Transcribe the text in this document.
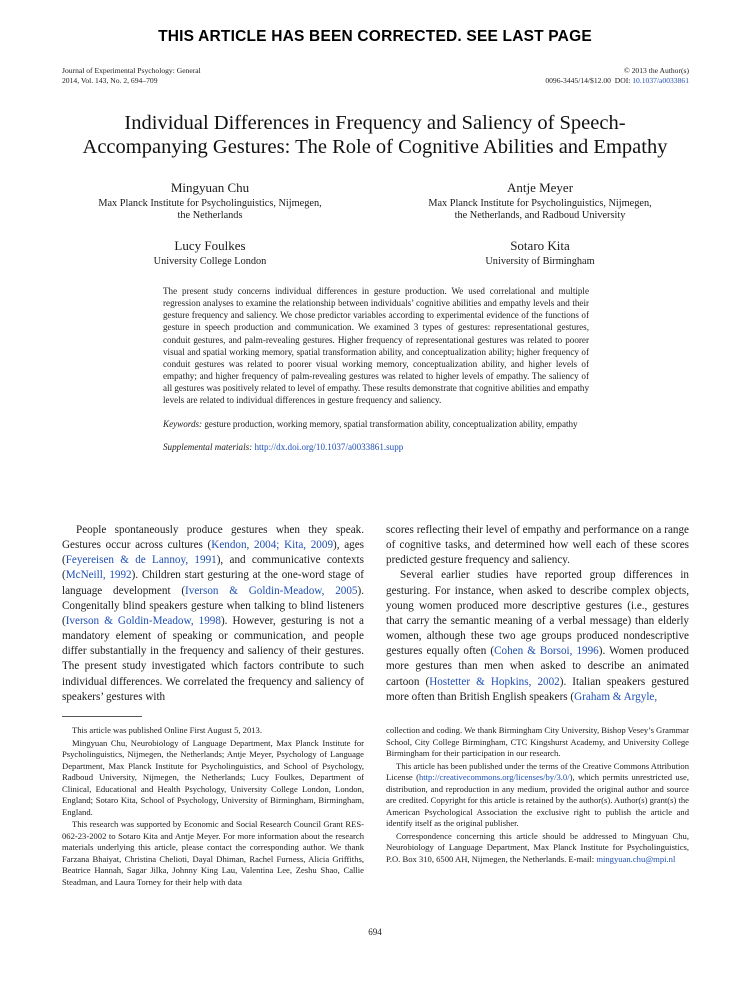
THIS ARTICLE HAS BEEN CORRECTED. SEE LAST PAGE
Journal of Experimental Psychology: General
2014, Vol. 143, No. 2, 694–709
© 2013 the Author(s)
0096-3445/14/$12.00 DOI: 10.1037/a0033861
Individual Differences in Frequency and Saliency of Speech-
Accompanying Gestures: The Role of Cognitive Abilities and Empathy
Mingyuan Chu
Max Planck Institute for Psycholinguistics, Nijmegen,
the Netherlands
Antje Meyer
Max Planck Institute for Psycholinguistics, Nijmegen,
the Netherlands, and Radboud University
Lucy Foulkes
University College London
Sotaro Kita
University of Birmingham

The present study concerns individual differences in gesture production. We used correlational and multiple regression analyses to examine the relationship between individuals’ cognitive abilities and empathy levels and their gesture frequency and saliency. We chose predictor variables according to experimental evidence of the functions of gesture in speech production and communication. We examined 3 types of gestures: representational gestures, conduit gestures, and palm-revealing gestures. Higher frequency of representational gestures was related to poorer visual and spatial working memory, spatial transformation ability, and conceptualization ability; higher frequency of conduit gestures was related to poorer visual working memory, conceptualization ability, and higher levels of empathy; and higher frequency of palm-revealing gestures was related to higher levels of empathy. The saliency of all gestures was positively related to level of empathy. These results demonstrate that cognitive abilities and empathy levels are related to individual differences in gesture frequency and saliency.

Keywords: gesture production, working memory, spatial transformation ability, conceptualization ability, empathy

Supplemental materials: http://dx.doi.org/10.1037/a0033861.supp

People spontaneously produce gestures when they speak. Gestures occur across cultures (Kendon, 2004; Kita, 2009), ages (Feyereisen & de Lannoy, 1991), and communicative contexts (McNeill, 1992). Children start gesturing at the one-word stage of language development (Iverson & Goldin-Meadow, 2005). Congenitally blind speakers gesture when talking to blind listeners (Iverson & Goldin-Meadow, 1998). However, gesturing is not a mandatory element of speaking or communication, and people differ substantially in the frequency and saliency of their gestures. The present study investigated which factors contribute to such individual differences. We correlated the frequency and saliency of speakers’ gestures with

scores reflecting their level of empathy and performance on a range of cognitive tasks, and determined how well each of these scores predicted gesture frequency and saliency.

Several earlier studies have reported group differences in gesturing. For instance, when asked to describe complex objects, young women produced more descriptive gestures (i.e., gestures that carry the semantic meaning of a verbal message) than elderly women, although these two age groups produced nondescriptive gestures equally often (Cohen & Borsoi, 1996). Women produced more gestures than men when asked to describe an animated cartoon (Hostetter & Hopkins, 2002). Italian speakers gestured more often than British English speakers (Graham & Argyle,

This article was published Online First August 5, 2013.

Mingyuan Chu, Neurobiology of Language Department, Max Planck Institute for Psycholinguistics, Nijmegen, the Netherlands; Antje Meyer, Psychology of Language Department, Max Planck Institute for Psycholinguistics, and School of Psychology, Radboud University, Nijmegen, the Netherlands; Lucy Foulkes, Department of Clinical, Educational and Health Psychology, University College London, London, England; Sotaro Kita, School of Psychology, University of Birmingham, Birmingham, England.

This research was supported by Economic and Social Research Council Grant RES-062-23-2002 to Sotaro Kita and Antje Meyer. For more information about the research materials underlying this article, please contact the corresponding author. We thank Farzana Bhaiyat, Christina Chelioti, Dayal Dhiman, Rachel Furness, Alicia Griffiths, Beatrice Hannah, Sagar Jilka, Johnny King Lau, Valentina Lee, Zeshu Shao, Callie Steadman, and Laura Torney for their help with data

collection and coding. We thank Birmingham City University, Bishop Vesey’s Grammar School, City College Birmingham, CTC Kingshurst Academy, and University College Birmingham for their participation in our research.

This article has been published under the terms of the Creative Commons Attribution License (http://creativecommons.org/licenses/by/3.0/), which permits unrestricted use, distribution, and reproduction in any medium, provided the original author and source are credited. Copyright for this article is retained by the author(s). Author(s) grant(s) the American Psychological Association the exclusive right to publish the article and identify itself as the original publisher.

Correspondence concerning this article should be addressed to Mingyuan Chu, Neurobiology of Language Department, Max Planck Institute for Psycholinguistics, P.O. Box 310, 6500 AH, Nijmegen, the Netherlands. E-mail: mingyuan.chu@mpi.nl

694
